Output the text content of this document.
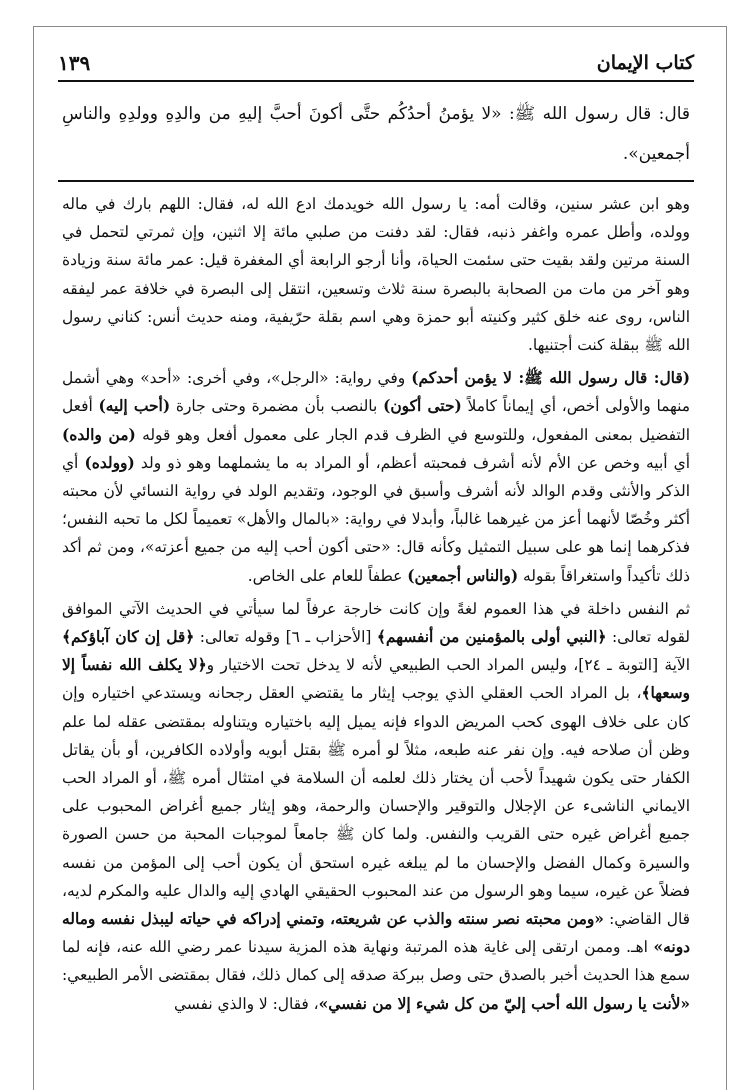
كتاب الإيمان
١٣٩
قال: قال رسول الله ﷺ: «لا يؤمنُ أحدُكُم حتَّى أكونَ أحبَّ إليهِ من والدِهِ وولدِهِ والناسِ أجمعين».

وهو ابن عشر سنين، وقالت أمه: يا رسول الله خويدمك ادع الله له، فقال: اللهم بارك في ماله وولده، وأطل عمره واغفر ذنبه، فقال: لقد دفنت من صلبي مائة إلا اثنين، وإن ثمرتي لتحمل في السنة مرتين ولقد بقيت حتى سئمت الحياة، وأنا أرجو الرابعة أي المغفرة قيل: عمر مائة سنة وزيادة وهو آخر من مات من الصحابة بالبصرة سنة ثلاث وتسعين، انتقل إلى البصرة في خلافة عمر ليفقه الناس، روى عنه خلق كثير وكنيته أبو حمزة وهي اسم بقلة حرّيفية، ومنه حديث أنس: كناني رسول الله ﷺ ببقلة كنت أجتنيها.

(قال: قال رسول الله ﷺ: لا يؤمن أحدكم) وفي رواية: «الرجل»، وفي أخرى: «أحد» وهي أشمل منهما والأولى أخص، أي إيماناً كاملاً (حتى أكون) بالنصب بأن مضمرة وحتى جارة (أحب إليه) أفعل التفضيل بمعنى المفعول، وللتوسع في الظرف قدم الجار على معمول أفعل وهو قوله (من والده) أي أبيه وخص عن الأم لأنه أشرف فمحبته أعظم، أو المراد به ما يشملهما وهو ذو ولد (وولده) أي الذكر والأنثى وقدم الوالد لأنه أشرف وأسبق في الوجود، وتقديم الولد في رواية النسائي لأن محبته أكثر وخُصّا لأنهما أعز من غيرهما غالباً، وأبدلا في رواية: «بالمال والأهل» تعميماً لكل ما تحبه النفس؛ فذكرهما إنما هو على سبيل التمثيل وكأنه قال: «حتى أكون أحب إليه من جميع أعزته»، ومن ثم أكد ذلك تأكيداً واستغراقاً بقوله (والناس أجمعين) عطفاً للعام على الخاص.

ثم النفس داخلة في هذا العموم لغةً وإن كانت خارجة عرفاً لما سيأتي في الحديث الآتي الموافق لقوله تعالى: ﴿النبي أولى بالمؤمنين من أنفسهم﴾ [الأحزاب ـ ٦] وقوله تعالى: ﴿قل إن كان آباؤكم﴾ الآية [التوبة ـ ٢٤]، وليس المراد الحب الطبيعي لأنه لا يدخل تحت الاختيار و﴿لا يكلف الله نفساً إلا وسعها﴾، بل المراد الحب العقلي الذي يوجب إيثار ما يقتضي العقل رجحانه ويستدعي اختياره وإن كان على خلاف الهوى كحب المريض الدواء فإنه يميل إليه باختياره ويتناوله بمقتضى عقله لما علم وظن أن صلاحه فيه. وإن نفر عنه طبعه، مثلاً لو أمره ﷺ بقتل أبويه وأولاده الكافرين، أو بأن يقاتل الكفار حتى يكون شهيداً لأحب أن يختار ذلك لعلمه أن السلامة في امتثال أمره ﷺ، أو المراد الحب الايماني الناشىء عن الإجلال والتوقير والإحسان والرحمة، وهو إيثار جميع أغراض المحبوب على جميع أغراض غيره حتى القريب والنفس. ولما كان ﷺ جامعاً لموجبات المحبة من حسن الصورة والسيرة وكمال الفضل والإحسان ما لم يبلغه غيره استحق أن يكون أحب إلى المؤمن من نفسه فضلاً عن غيره، سيما وهو الرسول من عند المحبوب الحقيقي الهادي إليه والدال عليه والمكرم لديه، قال القاضي: «ومن محبته نصر سنته والذب عن شريعته، وتمني إدراكه في حياته ليبذل نفسه وماله دونه» اهـ. وممن ارتقى إلى غاية هذه المرتبة ونهاية هذه المزية سيدنا عمر رضي الله عنه، فإنه لما سمع هذا الحديث أخبر بالصدق حتى وصل ببركة صدقه إلى كمال ذلك، فقال بمقتضى الأمر الطبيعي: «لأنت يا رسول الله أحب إليّ من كل شيء إلا من نفسي»، فقال: لا والذي نفسي
